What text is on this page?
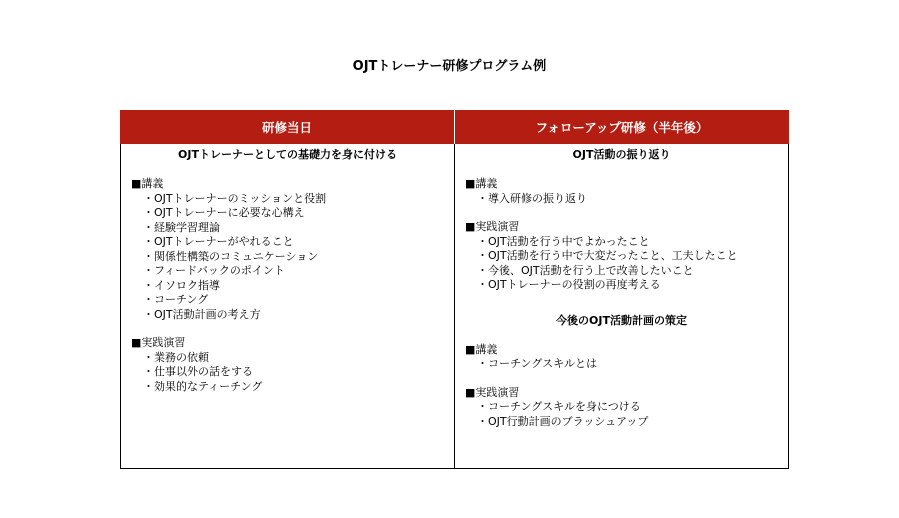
OJTトレーナー研修プログラム例
研修当日	フォローアップ研修（半年後）
OJTトレーナーとしての基礎力を身に付ける
■講義
・OJTトレーナーのミッションと役割
・OJTトレーナーに必要な心構え
・経験学習理論
・OJTトレーナーがやれること
・関係性構築のコミュニケーション
・フィードバックのポイント
・イソロク指導
・コーチング
・OJT活動計画の考え方
■実践演習
・業務の依頼
・仕事以外の話をする
・効果的なティーチング
OJT活動の振り返り
■講義
・導入研修の振り返り
■実践演習
・OJT活動を行う中でよかったこと
・OJT活動を行う中で大変だったこと、工夫したこと
・今後、OJT活動を行う上で改善したいこと
・OJTトレーナーの役割の再度考える
今後のOJT活動計画の策定
■講義
・コーチングスキルとは
■実践演習
・コーチングスキルを身につける
・OJT行動計画のブラッシュアップ
